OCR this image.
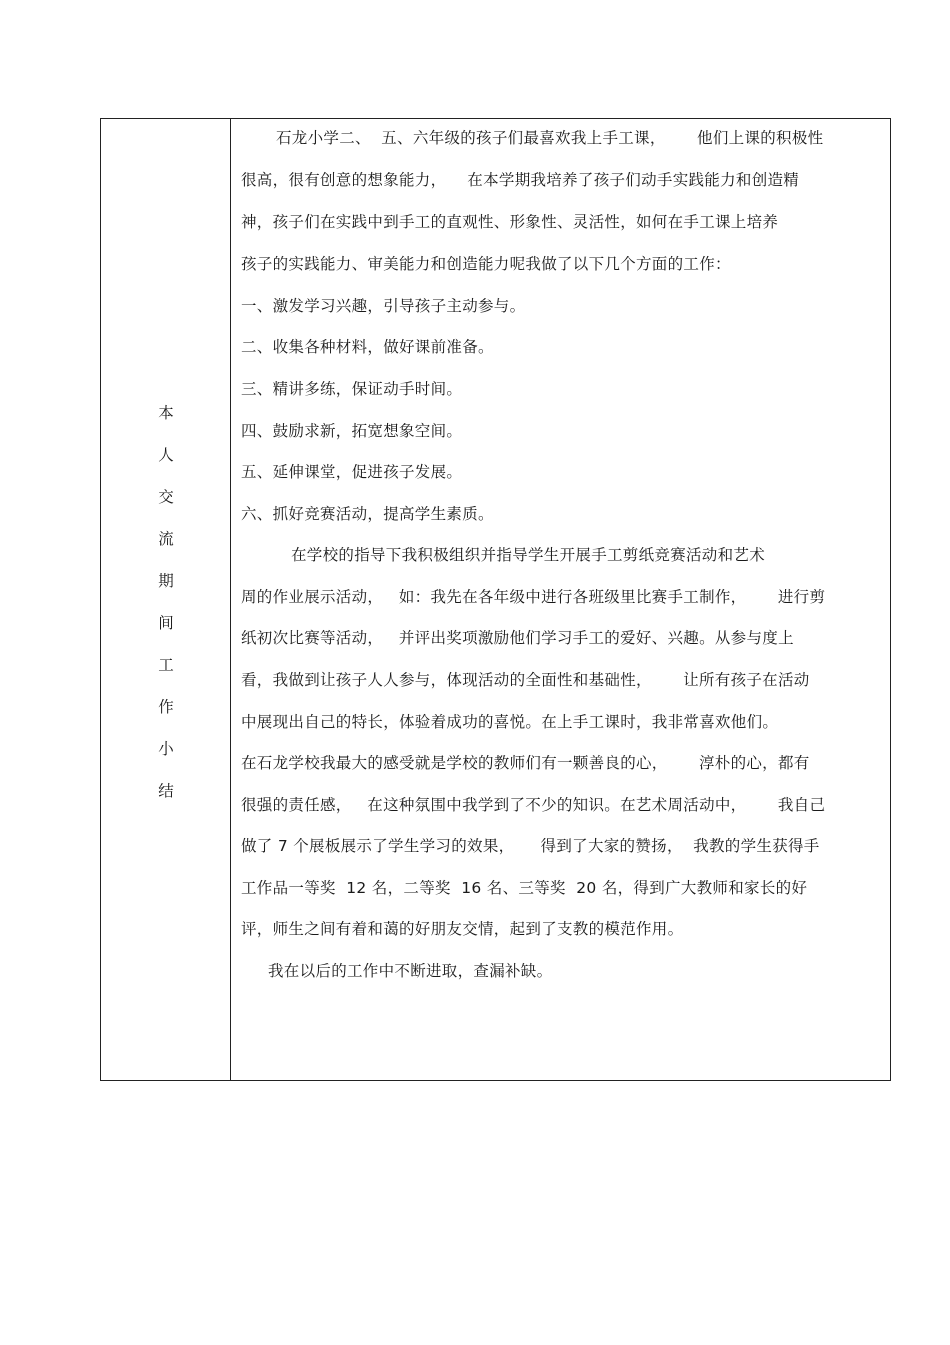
本
人
交
流
期
间
工
作
小
结
石龙小学二、  五、六年级的孩子们最喜欢我上手工课，      他们上课的积极性
很高，很有创意的想象能力，    在本学期我培养了孩子们动手实践能力和创造精
神，孩子们在实践中到手工的直观性、形象性、灵活性，如何在手工课上培养
孩子的实践能力、审美能力和创造能力呢我做了以下几个方面的工作：
一、激发学习兴趣，引导孩子主动参与。
二、收集各种材料，做好课前准备。
三、精讲多练，保证动手时间。
四、鼓励求新，拓宽想象空间。
五、延伸课堂，促进孩子发展。
六、抓好竞赛活动，提高学生素质。
在学校的指导下我积极组织并指导学生开展手工剪纸竞赛活动和艺术
周的作业展示活动，   如：我先在各年级中进行各班级里比赛手工制作，      进行剪
纸初次比赛等活动，   并评出奖项激励他们学习手工的爱好、兴趣。从参与度上
看，我做到让孩子人人参与，体现活动的全面性和基础性，      让所有孩子在活动
中展现出自己的特长，体验着成功的喜悦。在上手工课时，我非常喜欢他们。
在石龙学校我最大的感受就是学校的教师们有一颗善良的心，      淳朴的心，都有
很强的责任感，   在这种氛围中我学到了不少的知识。在艺术周活动中，      我自己
做了 7 个展板展示了学生学习的效果，     得到了大家的赞扬，  我教的学生获得手
工作品一等奖  12 名，二等奖  16 名、三等奖  20 名，得到广大教师和家长的好
评，师生之间有着和蔼的好朋友交情，起到了支教的模范作用。
我在以后的工作中不断进取，查漏补缺。
